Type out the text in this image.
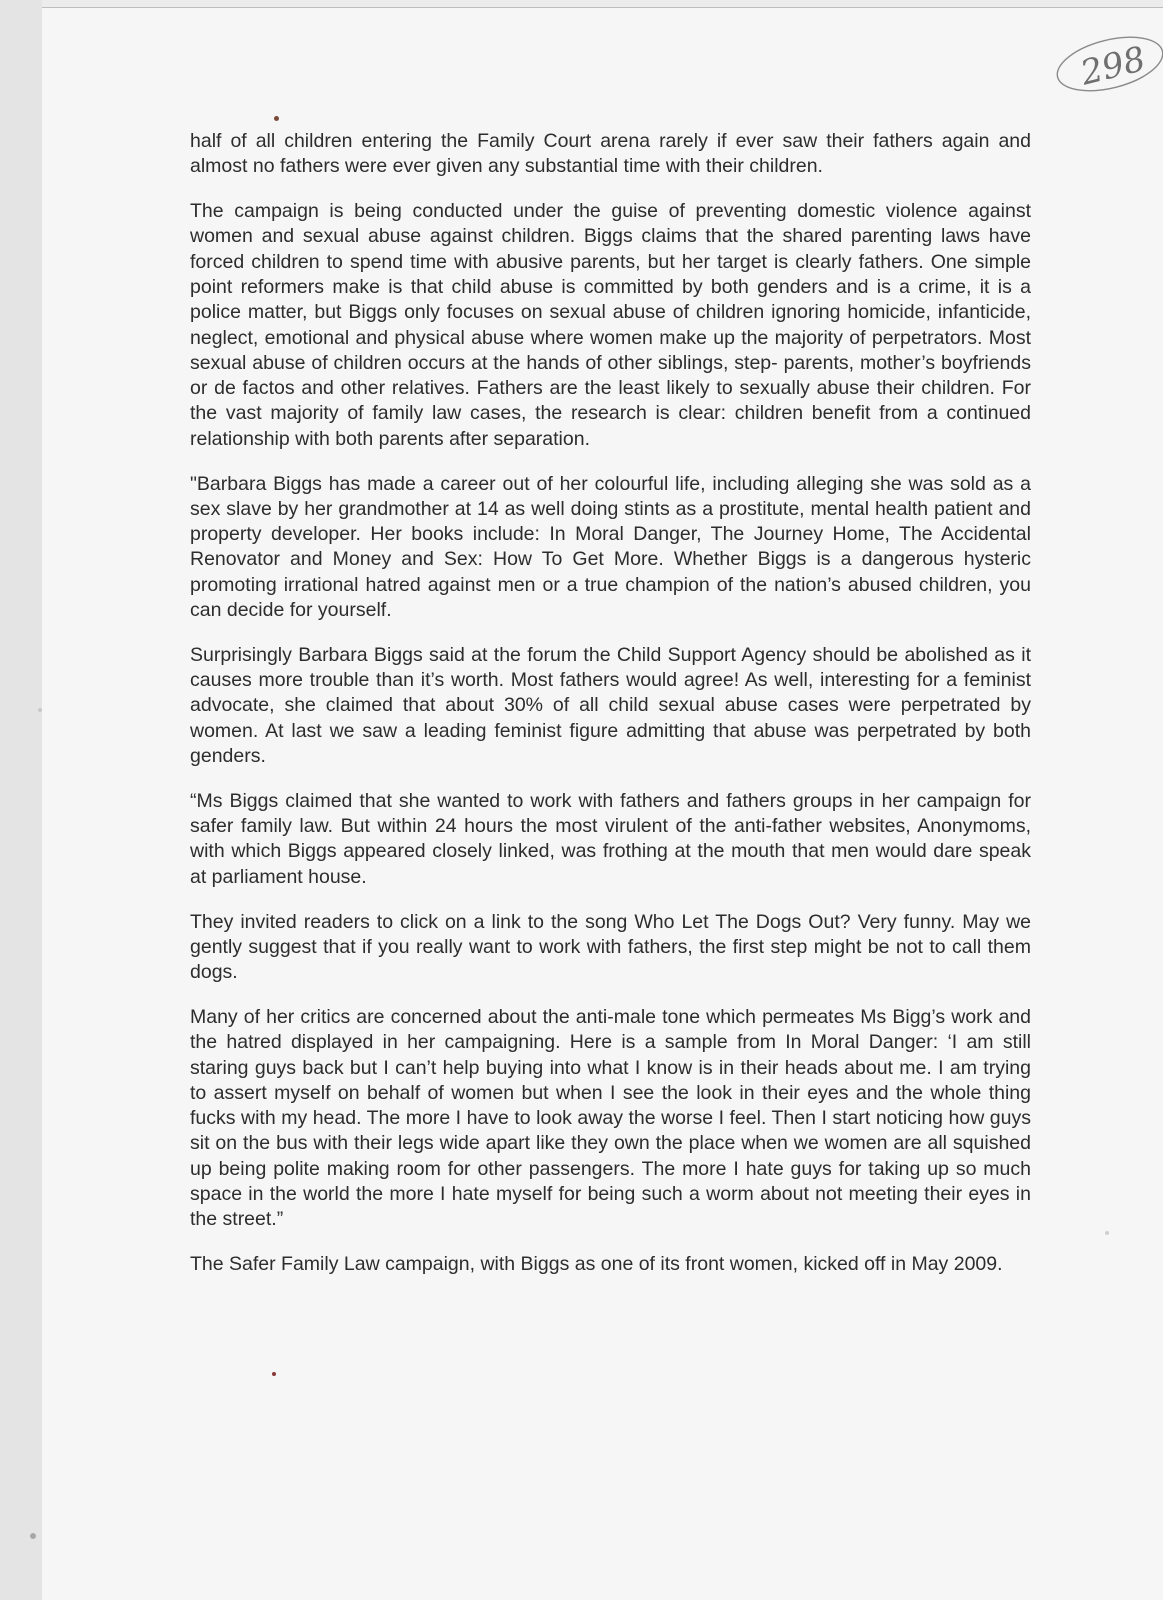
298

half of all children entering the Family Court arena rarely if ever saw their fathers again and almost no fathers were ever given any substantial time with their children.

The campaign is being conducted under the guise of preventing domestic violence against women and sexual abuse against children. Biggs claims that the shared parenting laws have forced children to spend time with abusive parents, but her target is clearly fathers. One simple point reformers make is that child abuse is committed by both genders and is a crime, it is a police matter, but Biggs only focuses on sexual abuse of children ignoring homicide, infanticide, neglect, emotional and physical abuse where women make up the majority of perpetrators. Most sexual abuse of children occurs at the hands of other siblings, step- parents, mother’s boyfriends or de factos and other relatives. Fathers are the least likely to sexually abuse their children. For the vast majority of family law cases, the research is clear: children benefit from a continued relationship with both parents after separation.

"Barbara Biggs has made a career out of her colourful life, including alleging she was sold as a sex slave by her grandmother at 14 as well doing stints as a prostitute, mental health patient and property developer. Her books include: In Moral Danger, The Journey Home, The Accidental Renovator and Money and Sex: How To Get More. Whether Biggs is a dangerous hysteric promoting irrational hatred against men or a true champion of the nation’s abused children, you can decide for yourself.

Surprisingly Barbara Biggs said at the forum the Child Support Agency should be abolished as it causes more trouble than it’s worth. Most fathers would agree! As well, interesting for a feminist advocate, she claimed that about 30% of all child sexual abuse cases were perpetrated by women. At last we saw a leading feminist figure admitting that abuse was perpetrated by both genders.

“Ms Biggs claimed that she wanted to work with fathers and fathers groups in her campaign for safer family law. But within 24 hours the most virulent of the anti-father websites, Anonymoms, with which Biggs appeared closely linked, was frothing at the mouth that men would dare speak at parliament house.

They invited readers to click on a link to the song Who Let The Dogs Out? Very funny. May we gently suggest that if you really want to work with fathers, the first step might be not to call them dogs.

Many of her critics are concerned about the anti-male tone which permeates Ms Bigg’s work and the hatred displayed in her campaigning. Here is a sample from In Moral Danger: ‘I am still staring guys back but I can’t help buying into what I know is in their heads about me. I am trying to assert myself on behalf of women but when I see the look in their eyes and the whole thing fucks with my head. The more I have to look away the worse I feel. Then I start noticing how guys sit on the bus with their legs wide apart like they own the place when we women are all squished up being polite making room for other passengers. The more I hate guys for taking up so much space in the world the more I hate myself for being such a worm about not meeting their eyes in the street.”

The Safer Family Law campaign, with Biggs as one of its front women, kicked off in May 2009.
